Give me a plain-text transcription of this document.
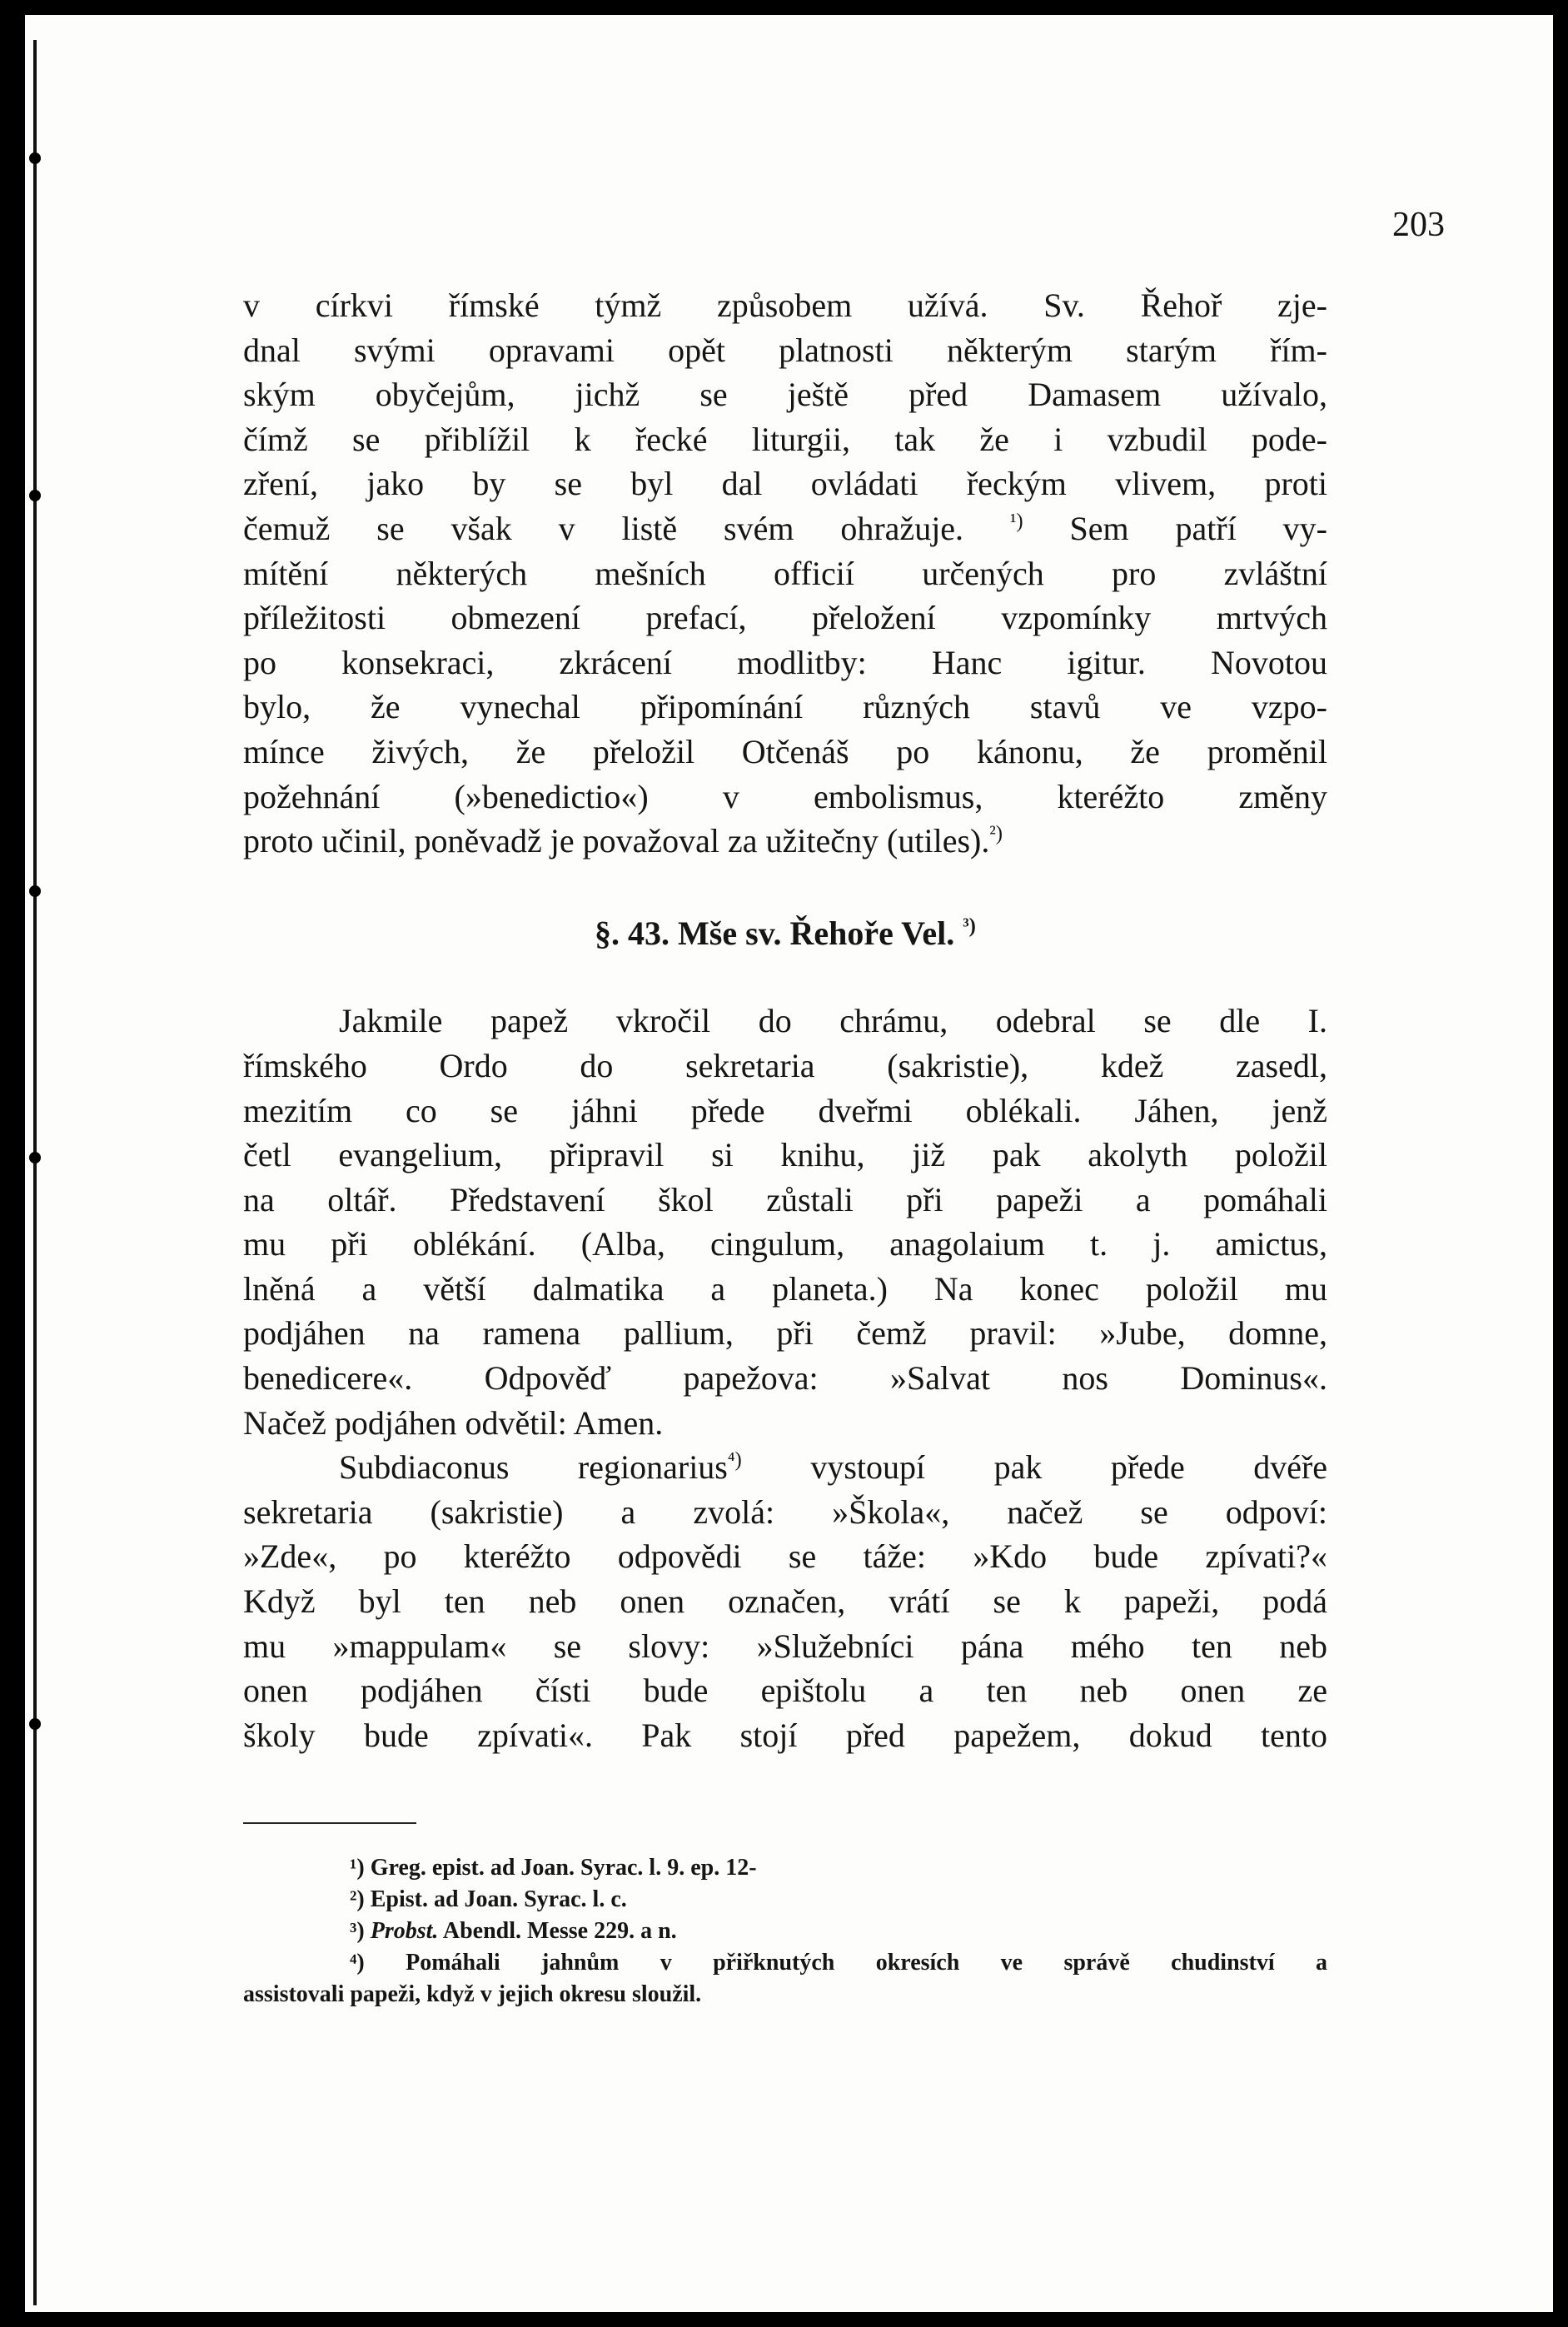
203
v církvi římské týmž způsobem užívá. Sv. Řehoř zje-
dnal svými opravami opět platnosti některým starým řím-
ským obyčejům, jichž se ještě před Damasem užívalo,
čímž se přiblížil k řecké liturgii, tak že i vzbudil pode-
zření, jako by se byl dal ovládati řeckým vlivem, proti
čemuž se však v listě svém ohražuje. $^{^1)}$ Sem patří vy-
mítění některých mešních officií určených pro zvláštní
příležitosti obmezení prefací, přeložení vzpomínky mrtvých
po konsekraci, zkrácení modlitby: Hanc igitur. Novotou
bylo, že vynechal připomínání různých stavů ve vzpo-
mínce živých, že přeložil Otčenáš po kánonu, že proměnil
požehnání (»benedictio«) v embolismus, kteréžto změny
proto učinil, poněvadž je považoval za užitečny (utiles).$^{^2)}$
§. 43. Mše sv. Řehoře Vel. $^{^3)}$
Jakmile papež vkročil do chrámu, odebral se dle I.
římského Ordo do sekretaria (sakristie), kdež zasedl,
mezitím co se jáhni přede dveřmi oblékali. Jáhen, jenž
četl evangelium, připravil si knihu, již pak akolyth položil
na oltář. Představení škol zůstali při papeži a pomáhali
mu při oblékání. (Alba, cingulum, anagolaium t. j. amictus,
lněná a větší dalmatika a planeta.) Na konec položil mu
podjáhen na ramena pallium, při čemž pravil: »Jube, domne,
benedicere«. Odpověď papežova: »Salvat nos Dominus«.
Načež podjáhen odvětil: Amen.
Subdiaconus regionarius$^{^4)}$ vystoupí pak přede dvéře
sekretaria (sakristie) a zvolá: »Škola«, načež se odpoví:
»Zde«, po kteréžto odpovědi se táže: »Kdo bude zpívati?«
Když byl ten neb onen označen, vrátí se k papeži, podá
mu »mappulam« se slovy: »Služebníci pána mého ten neb
onen podjáhen čísti bude epištolu a ten neb onen ze
školy bude zpívati«. Pak stojí před papežem, dokud tento
¹) Greg. epist. ad Joan. Syrac. l. 9. ep. 12-
²) Epist. ad Joan. Syrac. l. c.
³) Probst. Abendl. Messe 229. a n.
⁴) Pomáhali jahnům v přiřknutých okresích ve správě chudinství a
assistovali papeži, když v jejich okresu sloužil.
